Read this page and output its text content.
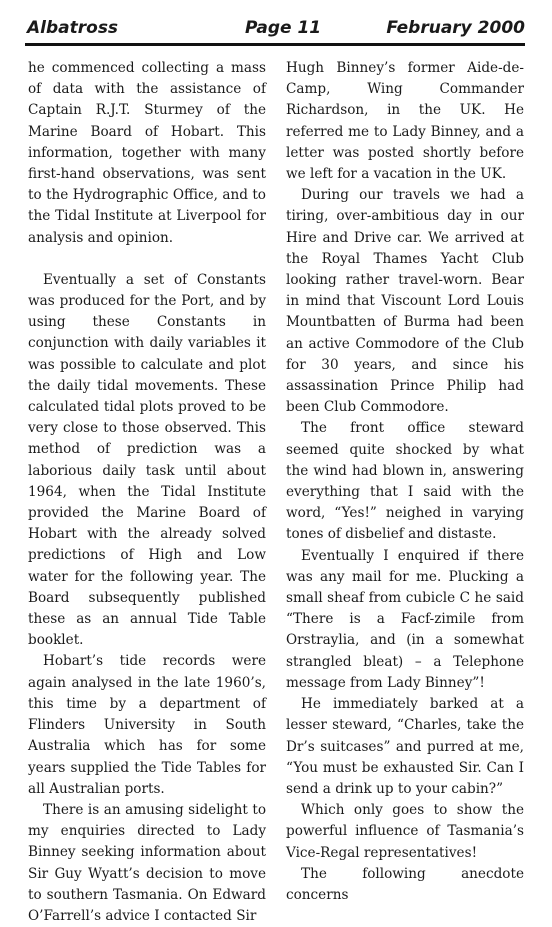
Albatross	Page 11	February 2000

he commenced collecting a mass of data with the assistance of Captain R.J.T. Sturmey of the Marine Board of Hobart. This information, together with many first-hand observations, was sent to the Hydrographic Office, and to the Tidal Institute at Liverpool for analysis and opinion.

Eventually a set of Constants was produced for the Port, and by using these Constants in conjunction with daily variables it was possible to calculate and plot the daily tidal movements. These calculated tidal plots proved to be very close to those observed. This method of prediction was a laborious daily task until about 1964, when the Tidal Institute provided the Marine Board of Hobart with the already solved predictions of High and Low water for the following year. The Board subsequently published these as an annual Tide Table booklet.

Hobart’s tide records were again analysed in the late 1960’s, this time by a department of Flinders University in South Australia which has for some years supplied the Tide Tables for all Australian ports.

There is an amusing sidelight to my enquiries directed to Lady Binney seeking information about Sir Guy Wyatt’s decision to move to southern Tasmania. On Edward O’Farrell’s advice I contacted Sir

Hugh Binney’s former Aide-de-Camp, Wing Commander Richardson, in the UK. He referred me to Lady Binney, and a letter was posted shortly before we left for a vacation in the UK.

During our travels we had a tiring, over-ambitious day in our Hire and Drive car. We arrived at the Royal Thames Yacht Club looking rather travel-worn. Bear in mind that Viscount Lord Louis Mountbatten of Burma had been an active Commodore of the Club for 30 years, and since his assassination Prince Philip had been Club Commodore.

The front office steward seemed quite shocked by what the wind had blown in, answering everything that I said with the word, “Yes!” neighed in varying tones of disbelief and distaste.

Eventually I enquired if there was any mail for me. Plucking a small sheaf from cubicle C he said “There is a Facf-zimile from Orstraylia, and (in a somewhat strangled bleat) – a Telephone message from Lady Binney”!

He immediately barked at a lesser steward, “Charles, take the Dr’s suitcases” and purred at me, “You must be exhausted Sir. Can I send a drink up to your cabin?”

Which only goes to show the powerful influence of Tasmania’s Vice-Regal representatives!

The following anecdote concerns
